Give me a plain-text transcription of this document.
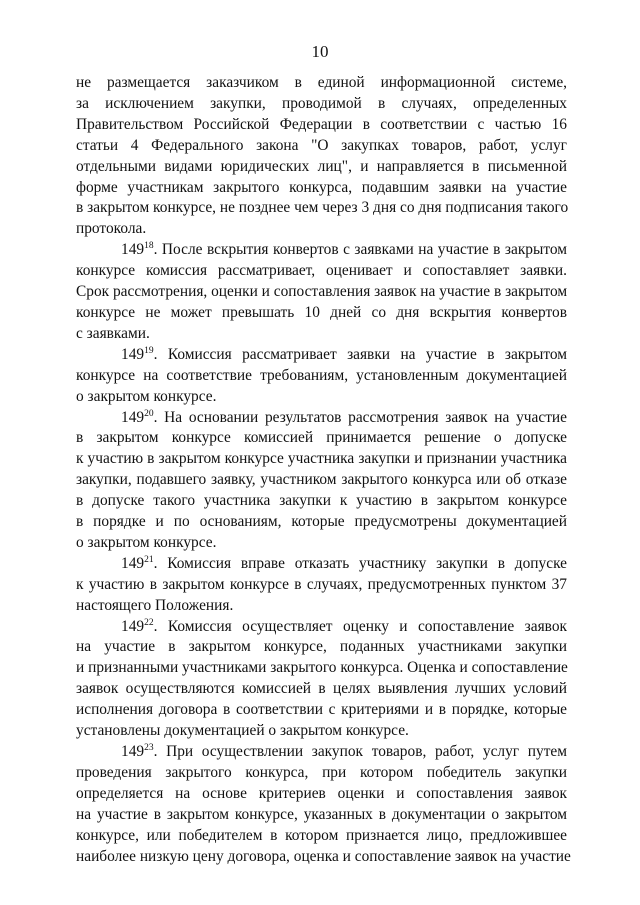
10
не размещается заказчиком в единой информационной системе,
за исключением закупки, проводимой в случаях, определенных
Правительством Российской Федерации в соответствии с частью 16
статьи 4 Федерального закона "О закупках товаров, работ, услуг
отдельными видами юридических лиц", и направляется в письменной
форме участникам закрытого конкурса, подавшим заявки на участие
в закрытом конкурсе, не позднее чем через 3 дня со дня подписания такого
протокола.
$149^{18}$. После вскрытия конвертов с заявками на участие в закрытом
конкурсе комиссия рассматривает, оценивает и сопоставляет заявки.
Срок рассмотрения, оценки и сопоставления заявок на участие в закрытом
конкурсе не может превышать 10 дней со дня вскрытия конвертов
с заявками.
$149^{19}$. Комиссия рассматривает заявки на участие в закрытом
конкурсе на соответствие требованиям, установленным документацией
о закрытом конкурсе.
$149^{20}$. На основании результатов рассмотрения заявок на участие
в закрытом конкурсе комиссией принимается решение о допуске
к участию в закрытом конкурсе участника закупки и признании участника
закупки, подавшего заявку, участником закрытого конкурса или об отказе
в допуске такого участника закупки к участию в закрытом конкурсе
в порядке и по основаниям, которые предусмотрены документацией
о закрытом конкурсе.
$149^{21}$. Комиссия вправе отказать участнику закупки в допуске
к участию в закрытом конкурсе в случаях, предусмотренных пунктом 37
настоящего Положения.
$149^{22}$. Комиссия осуществляет оценку и сопоставление заявок
на участие в закрытом конкурсе, поданных участниками закупки
и признанными участниками закрытого конкурса. Оценка и сопоставление
заявок осуществляются комиссией в целях выявления лучших условий
исполнения договора в соответствии с критериями и в порядке, которые
установлены документацией о закрытом конкурсе.
$149^{23}$. При осуществлении закупок товаров, работ, услуг путем
проведения закрытого конкурса, при котором победитель закупки
определяется на основе критериев оценки и сопоставления заявок
на участие в закрытом конкурсе, указанных в документации о закрытом
конкурсе, или победителем в котором признается лицо, предложившее
наиболее низкую цену договора, оценка и сопоставление заявок на участие
